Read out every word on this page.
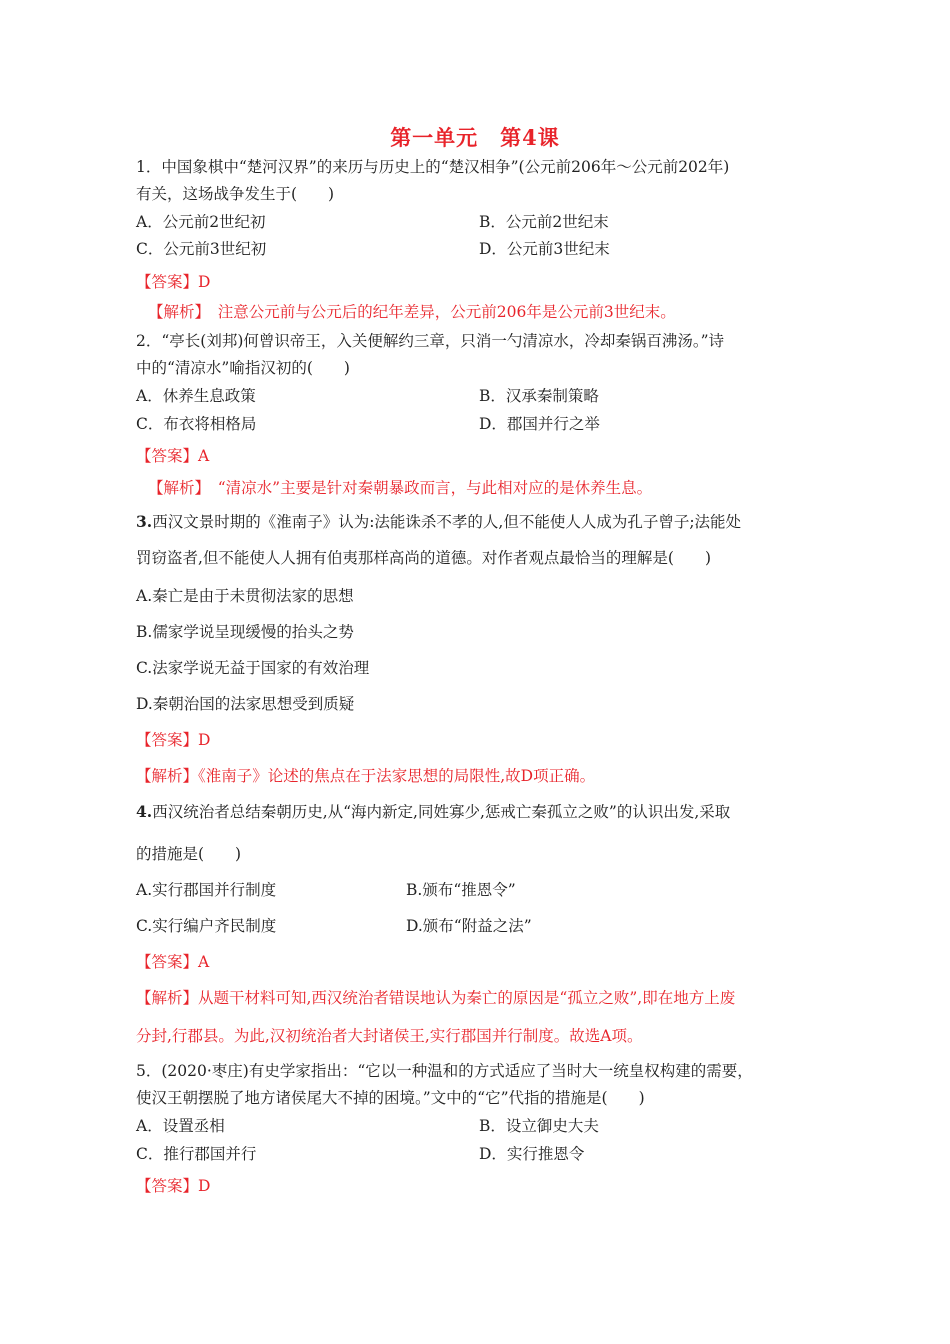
第一单元　第4课
1．中国象棋中“楚河汉界”的来历与历史上的“楚汉相争”(公元前206年～公元前202年)
有关，这场战争发生于(　　)
A．公元前2世纪初	B．公元前2世纪末
C．公元前3世纪初	D．公元前3世纪末
【答案】D
【解析】　注意公元前与公元后的纪年差异，公元前206年是公元前3世纪末。
2．“亭长(刘邦)何曾识帝王，入关便解约三章，只消一勺清凉水，冷却秦锅百沸汤。”诗
中的“清凉水”喻指汉初的(　　)
A．休养生息政策	B．汉承秦制策略
C．布衣将相格局	D．郡国并行之举
【答案】A
【解析】　“清凉水”主要是针对秦朝暴政而言，与此相对应的是休养生息。
3.西汉文景时期的《淮南子》认为:法能诛杀不孝的人,但不能使人人成为孔子曾子;法能处
罚窃盗者,但不能使人人拥有伯夷那样高尚的道德。对作者观点最恰当的理解是(　　)
A.秦亡是由于未贯彻法家的思想
B.儒家学说呈现缓慢的抬头之势
C.法家学说无益于国家的有效治理
D.秦朝治国的法家思想受到质疑
【答案】D
【解析】《淮南子》论述的焦点在于法家思想的局限性,故D项正确。
4.西汉统治者总结秦朝历史,从“海内新定,同姓寡少,惩戒亡秦孤立之败”的认识出发,采取
的措施是(　　)
A.实行郡国并行制度	B.颁布“推恩令”
C.实行编户齐民制度	D.颁布“附益之法”
【答案】A
【解析】从题干材料可知,西汉统治者错误地认为秦亡的原因是“孤立之败”,即在地方上废
分封,行郡县。为此,汉初统治者大封诸侯王,实行郡国并行制度。故选A项。
5．(2020·枣庄)有史学家指出：“它以一种温和的方式适应了当时大一统皇权构建的需要，
使汉王朝摆脱了地方诸侯尾大不掉的困境。”文中的“它”代指的措施是(　　)
A．设置丞相	B．设立御史大夫
C．推行郡国并行	D．实行推恩令
【答案】D
